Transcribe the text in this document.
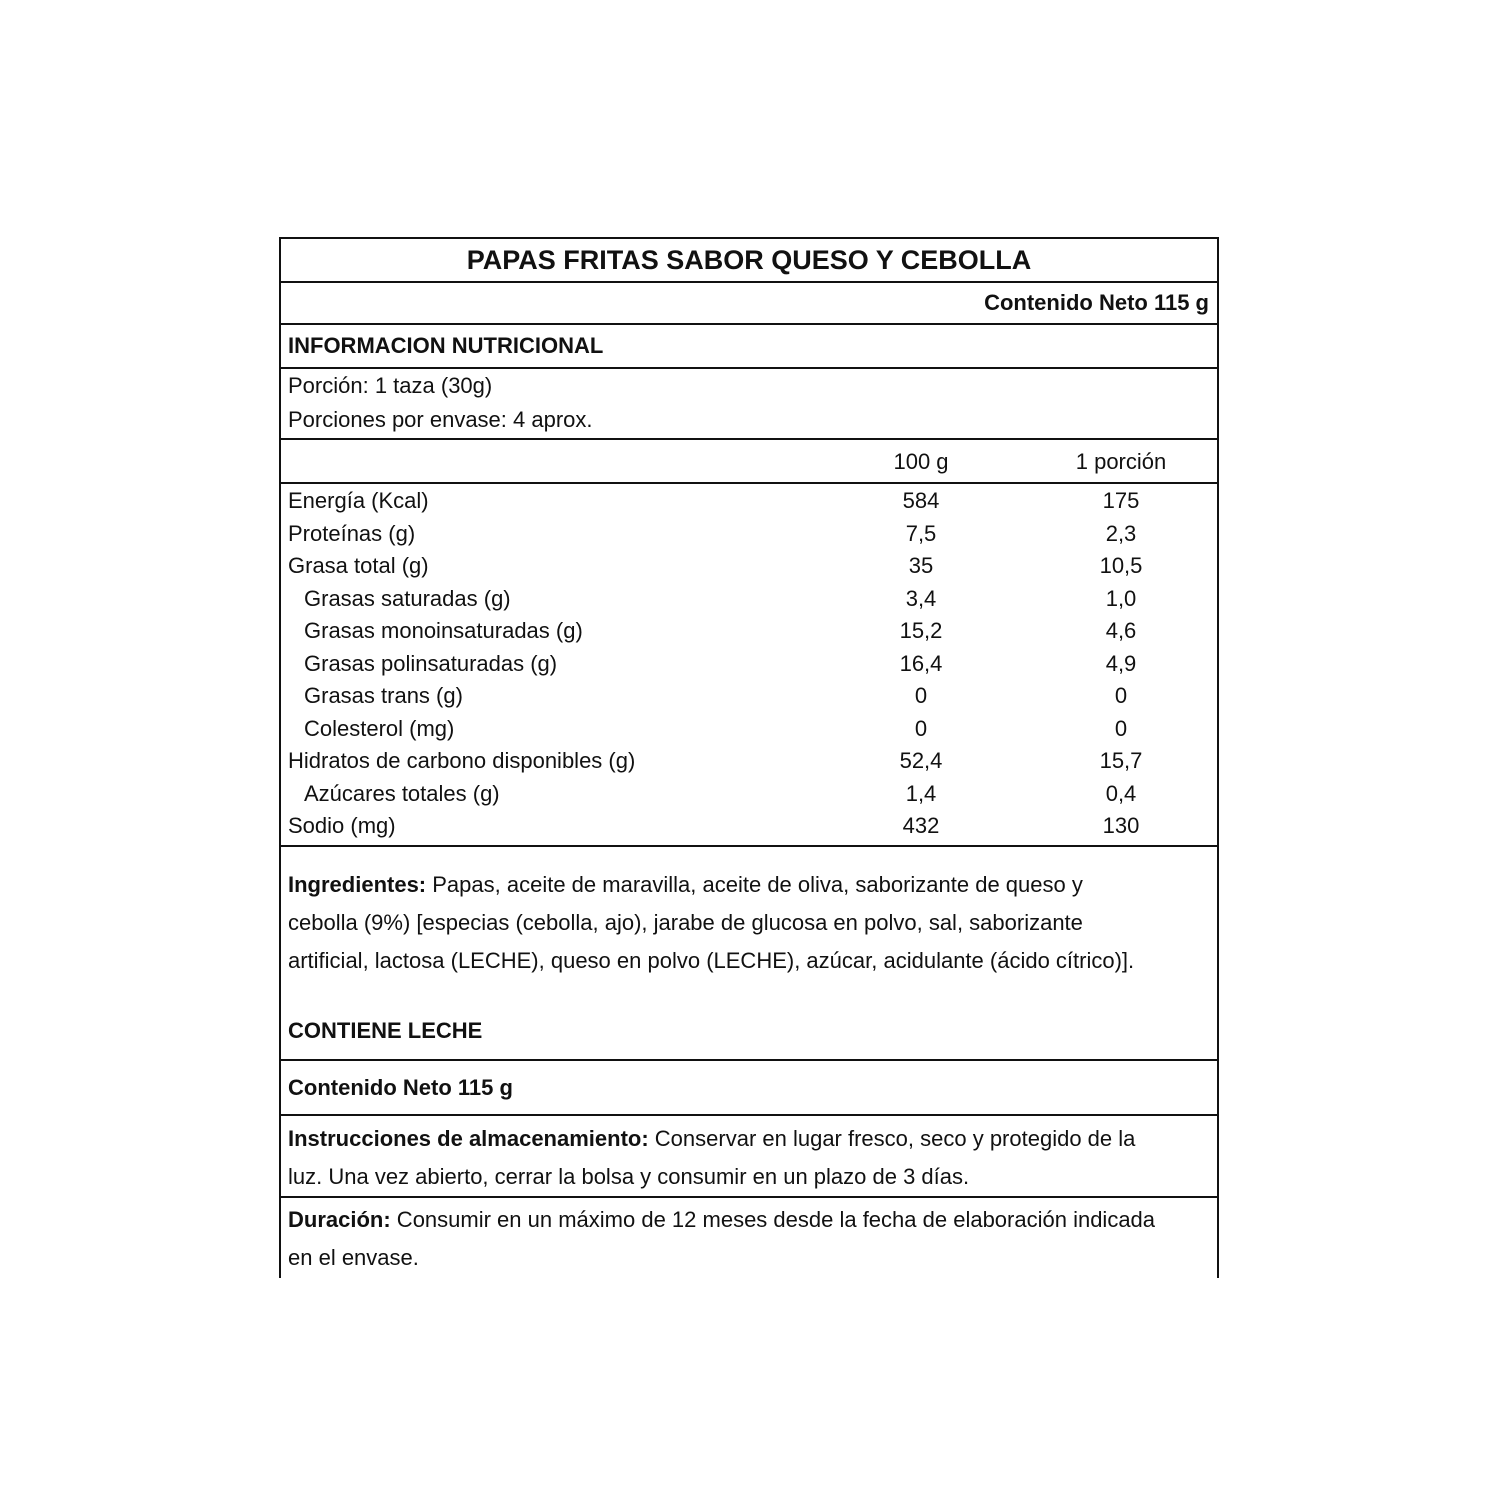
PAPAS FRITAS SABOR QUESO Y CEBOLLA
Contenido Neto 115 g
INFORMACION NUTRICIONAL
Porción: 1 taza (30g)
Porciones por envase: 4 aprox.
100 g	1 porción
Energía (Kcal)	584	175
Proteínas (g)	7,5	2,3
Grasa total (g)	35	10,5
Grasas saturadas (g)	3,4	1,0
Grasas monoinsaturadas (g)	15,2	4,6
Grasas polinsaturadas (g)	16,4	4,9
Grasas trans (g)	0	0
Colesterol (mg)	0	0
Hidratos de carbono disponibles (g)	52,4	15,7
Azúcares totales (g)	1,4	0,4
Sodio (mg)	432	130
Ingredientes: Papas, aceite de maravilla, aceite de oliva, saborizante de queso y
cebolla (9%) [especias (cebolla, ajo), jarabe de glucosa en polvo, sal, saborizante
artificial, lactosa (LECHE), queso en polvo (LECHE), azúcar, acidulante (ácido cítrico)].
CONTIENE LECHE
Contenido Neto 115 g
Instrucciones de almacenamiento: Conservar en lugar fresco, seco y protegido de la
luz. Una vez abierto, cerrar la bolsa y consumir en un plazo de 3 días.
Duración: Consumir en un máximo de 12 meses desde la fecha de elaboración indicada
en el envase.
